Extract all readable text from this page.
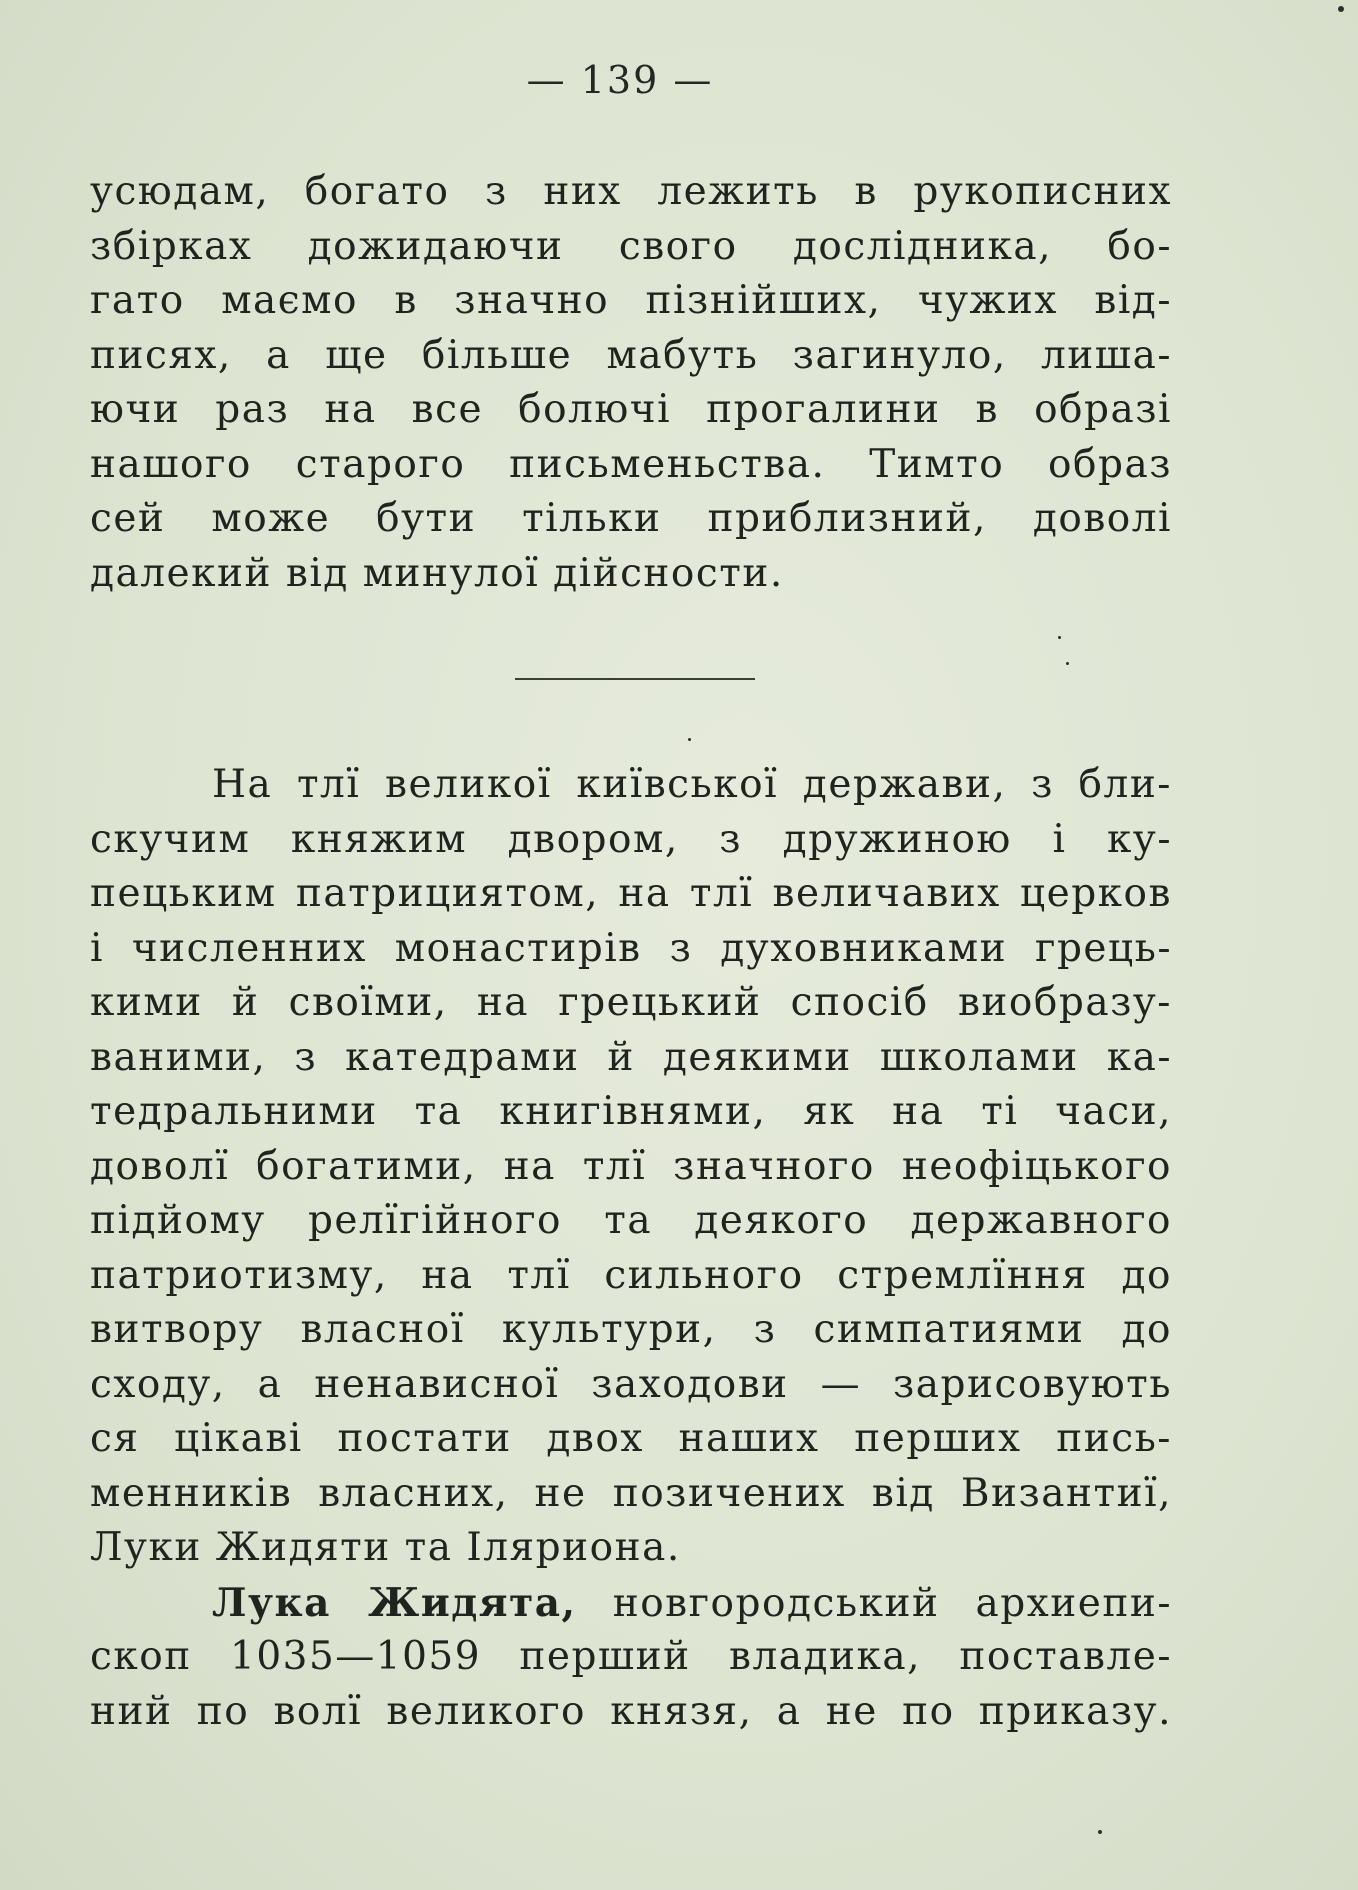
— 139 —
усюдам, богато з них лежить в рукописних
збірках дожидаючи свого дослідника, бо-
гато маємо в значно пізнійших, чужих від-
писях, а ще більше мабуть загинуло, лиша-
ючи раз на все болючі прогалини в образі
нашого старого письменьства. Тимто образ
сей може бути тільки приблизний, доволі
далекий від минулої дійсности.
На тлї великої київської держави, з бли-
скучим княжим двором, з дружиною і ку-
пецьким патрициятом, на тлї величавих церков
і численних монастирів з духовниками грець-
кими й своїми, на грецький спосіб виобразу-
ваними, з катедрами й деякими школами ка-
тедральними та книгівнями, як на ті часи,
доволї богатими, на тлї значного неофіцького
підйому релїгійного та деякого державного
патриотизму, на тлї сильного стремлїння до
витвору власної культури, з симпатиями до
сходу, а ненависної заходови — зарисовують
ся цікаві постати двох наших перших пись-
менників власних, не позичених від Византиї,
Луки Жидяти та Іляриона.
Лука Жидята, новгородський архиепи-
скоп 1035—1059 перший владика, поставле-
ний по волї великого князя, а не по приказу.
